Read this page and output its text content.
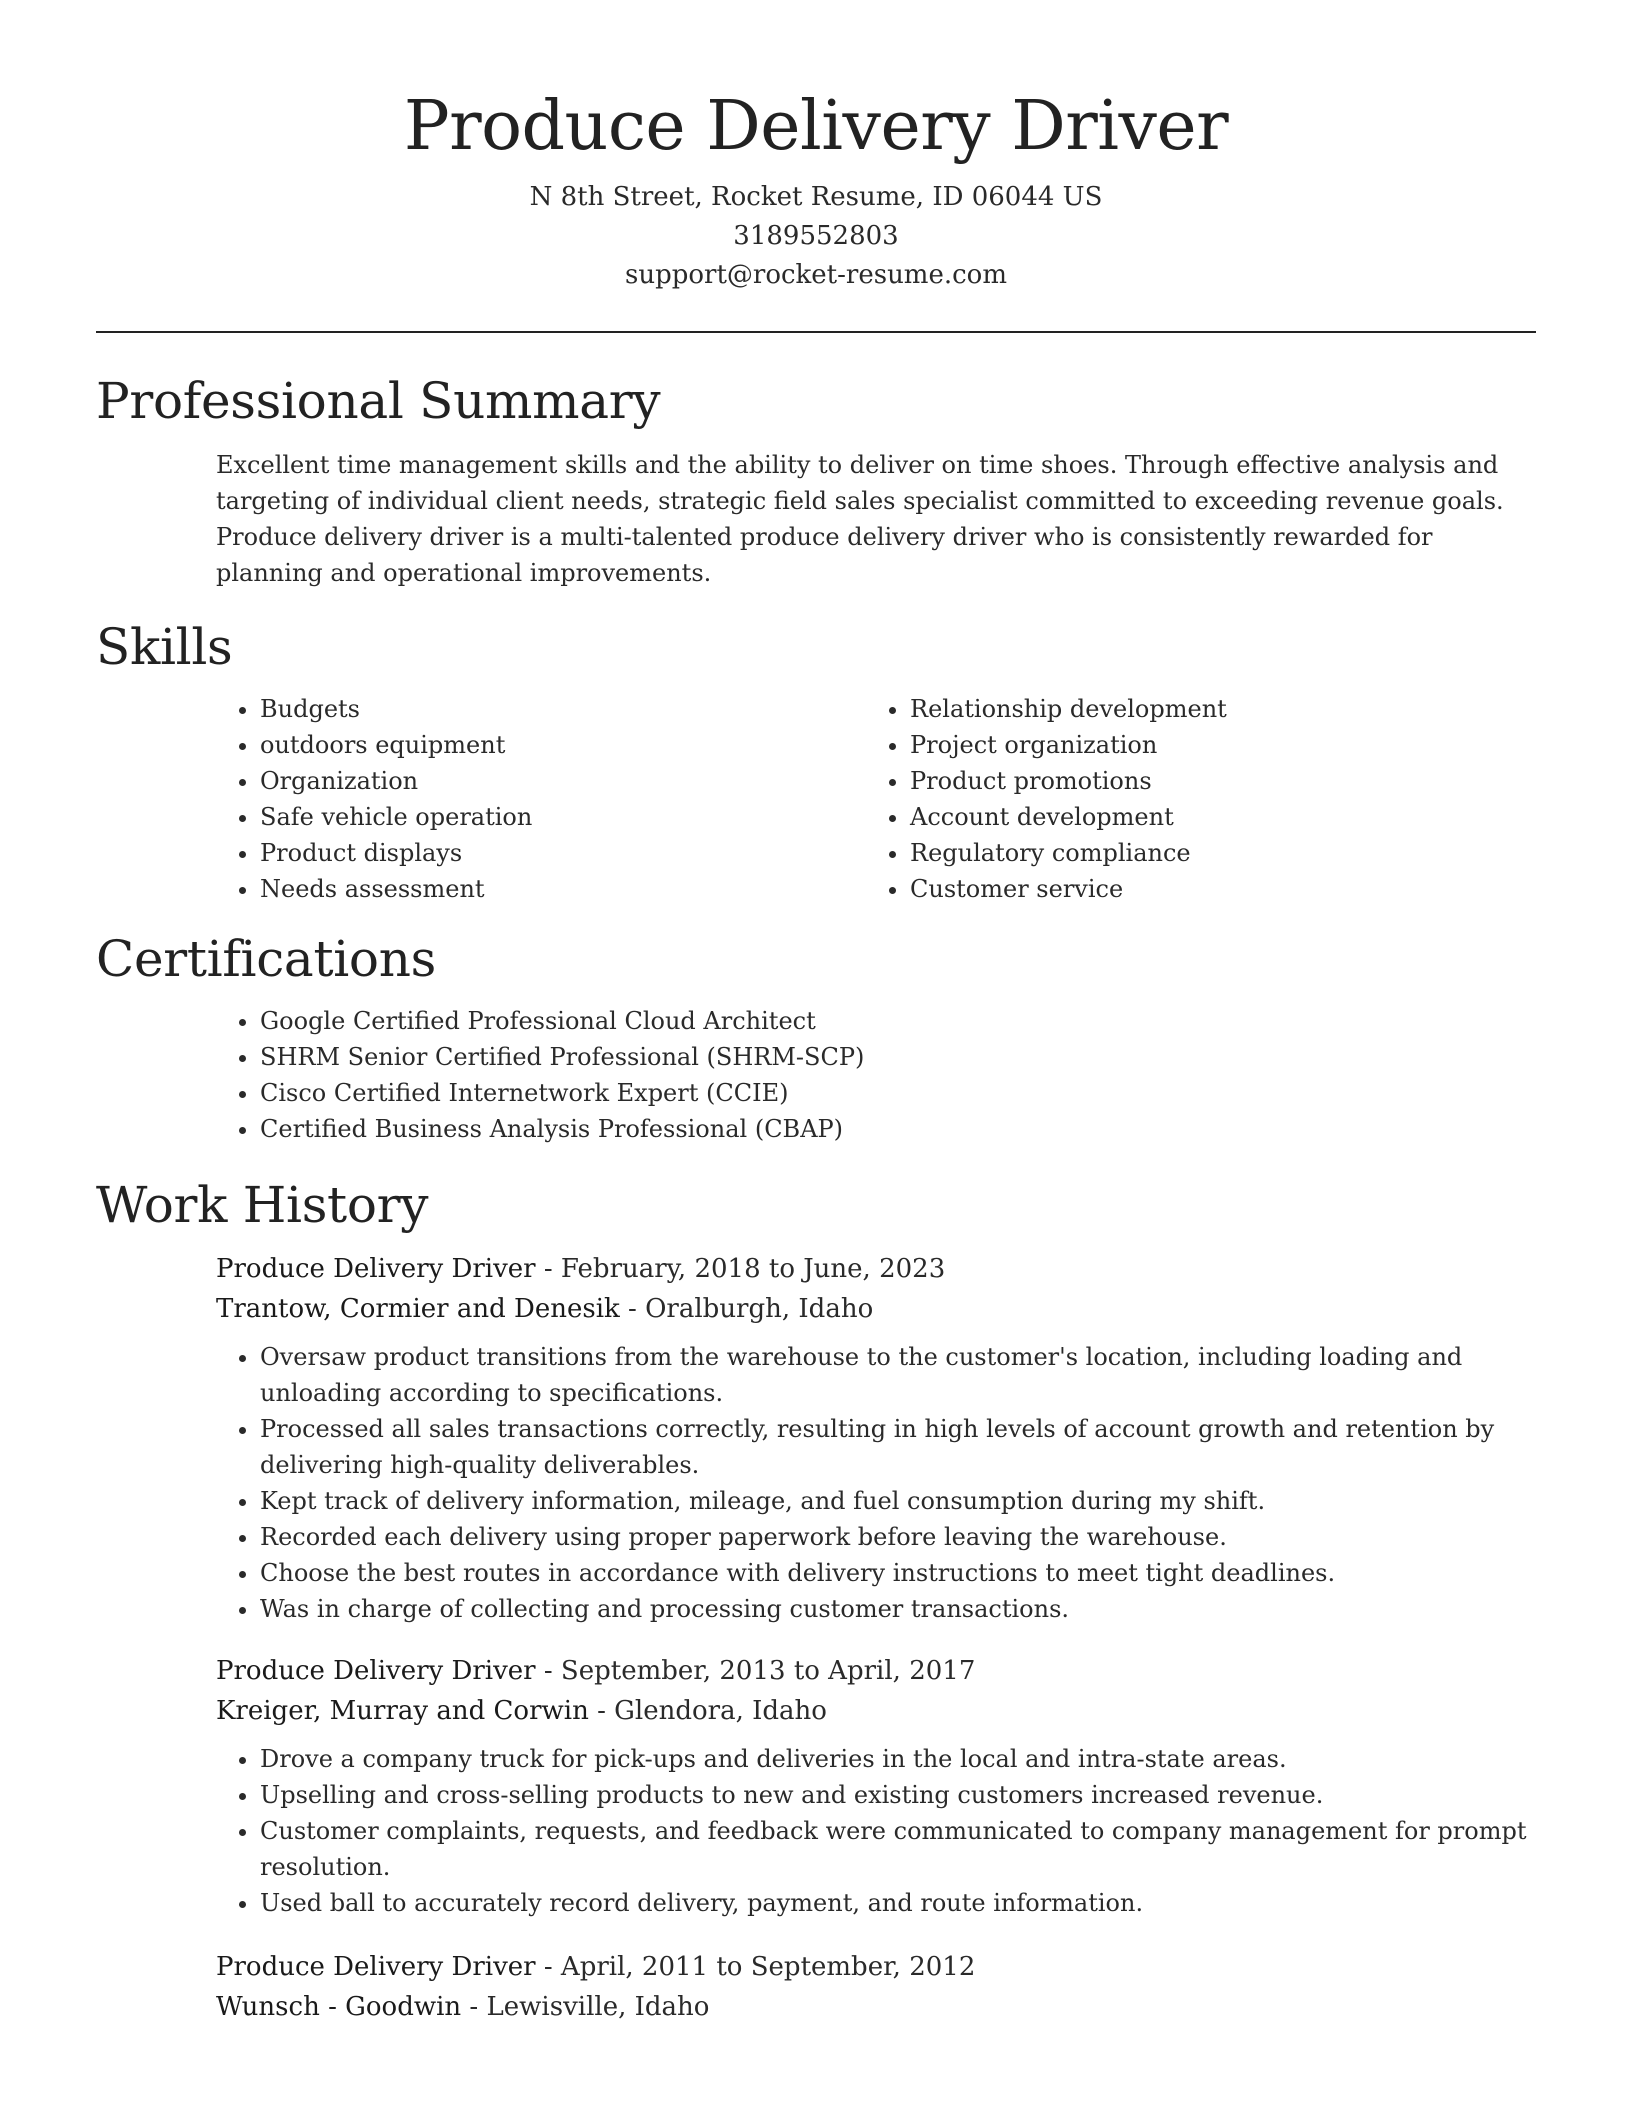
Produce Delivery Driver
N 8th Street, Rocket Resume, ID 06044 US
3189552803
support@rocket-resume.com
Professional Summary

Excellent time management skills and the ability to deliver on time shoes. Through effective analysis and targeting of individual client needs, strategic field sales specialist committed to exceeding revenue goals. Produce delivery driver is a multi-talented produce delivery driver who is consistently rewarded for planning and operational improvements.

Skills
• Budgets
• outdoors equipment
• Organization
• Safe vehicle operation
• Product displays
• Needs assessment
• Relationship development
• Project organization
• Product promotions
• Account development
• Regulatory compliance
• Customer service
Certifications
• Google Certified Professional Cloud Architect
• SHRM Senior Certified Professional (SHRM-SCP)
• Cisco Certified Internetwork Expert (CCIE)
• Certified Business Analysis Professional (CBAP)
Work History
Produce Delivery Driver - February, 2018 to June, 2023
Trantow, Cormier and Denesik - Oralburgh, Idaho
• Oversaw product transitions from the warehouse to the customer's location, including loading and unloading according to specifications.
• Processed all sales transactions correctly, resulting in high levels of account growth and retention by delivering high-quality deliverables.
• Kept track of delivery information, mileage, and fuel consumption during my shift.
• Recorded each delivery using proper paperwork before leaving the warehouse.
• Choose the best routes in accordance with delivery instructions to meet tight deadlines.
• Was in charge of collecting and processing customer transactions.
Produce Delivery Driver - September, 2013 to April, 2017
Kreiger, Murray and Corwin - Glendora, Idaho
• Drove a company truck for pick-ups and deliveries in the local and intra-state areas.
• Upselling and cross-selling products to new and existing customers increased revenue.
• Customer complaints, requests, and feedback were communicated to company management for prompt resolution.
• Used ball to accurately record delivery, payment, and route information.
Produce Delivery Driver - April, 2011 to September, 2012
Wunsch - Goodwin - Lewisville, Idaho
